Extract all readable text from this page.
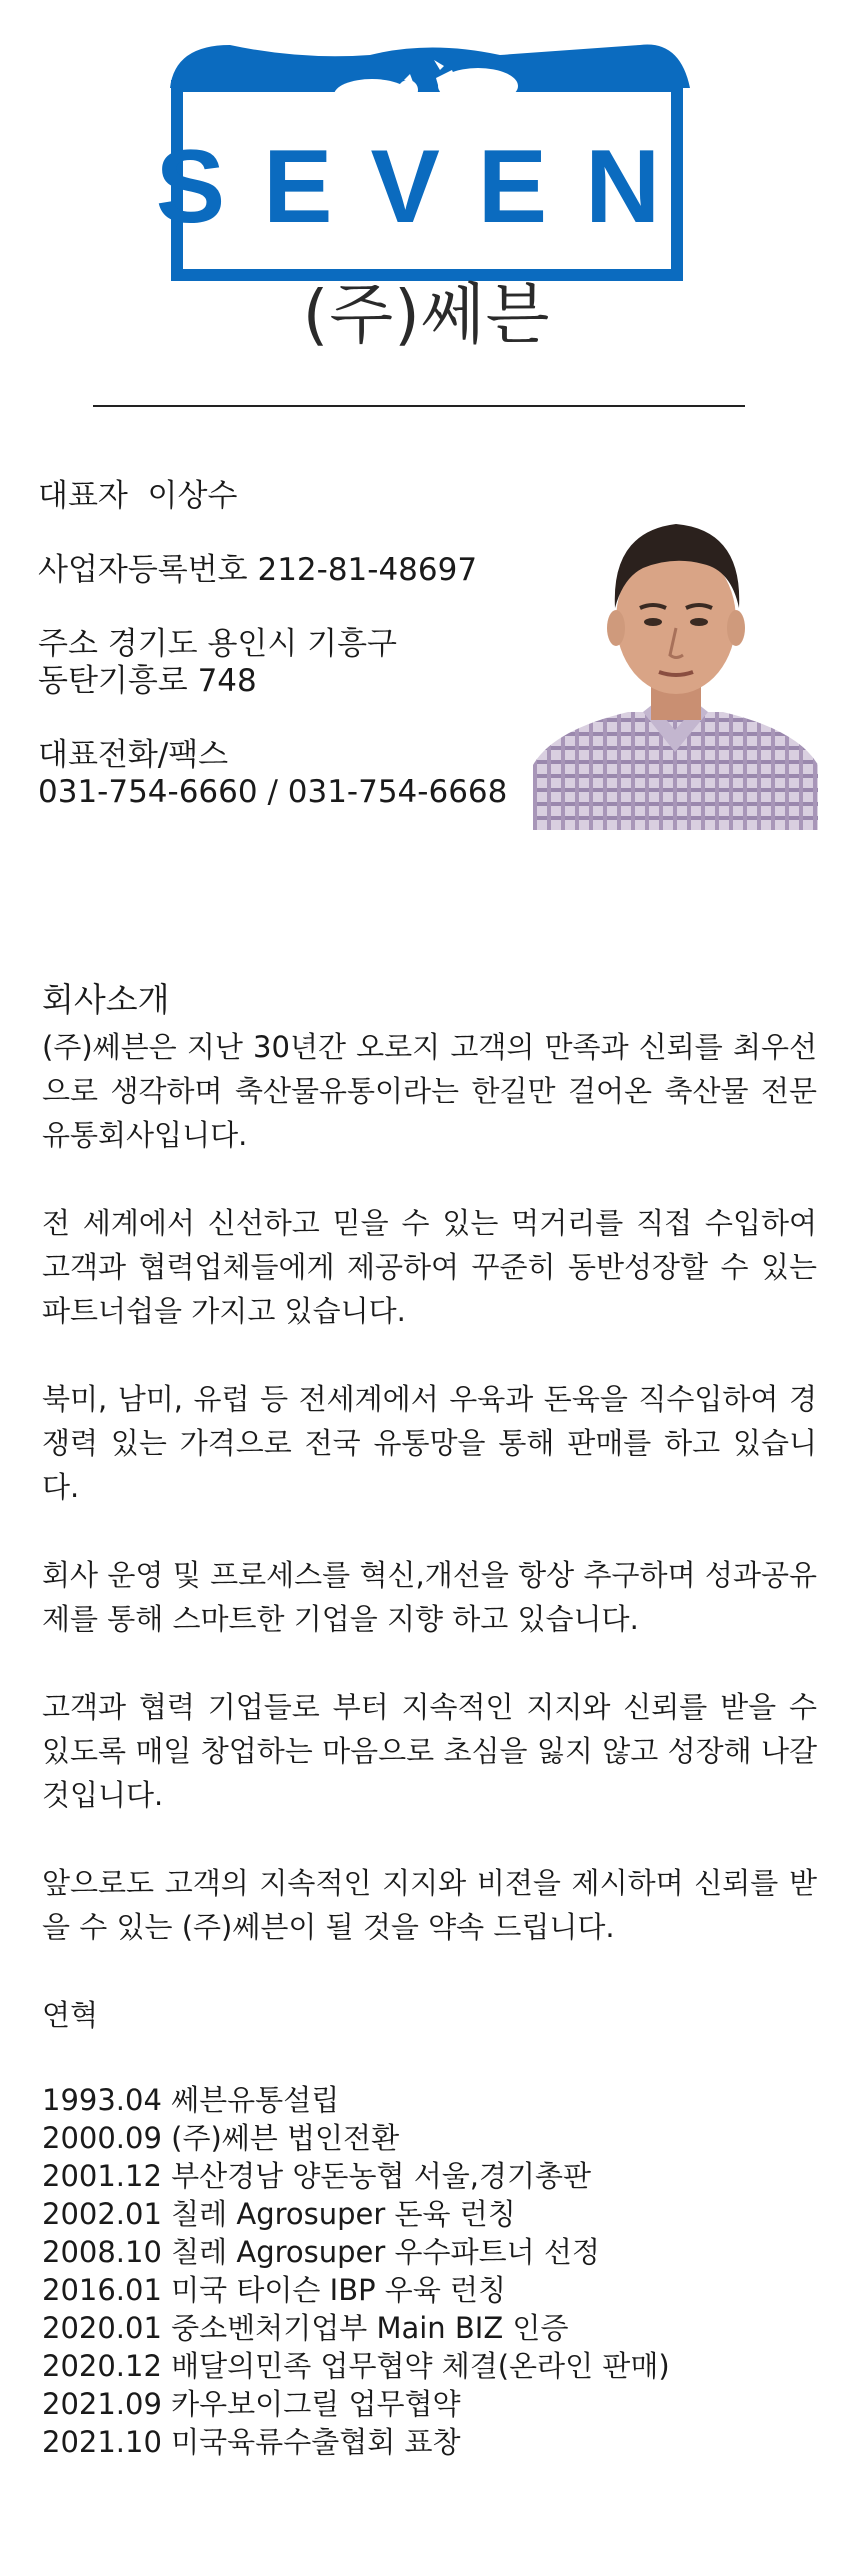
SEVEN
(주)쎄븐

대표자  이상수

사업자등록번호 212-81-48697

주소 경기도 용인시 기흥구

동탄기흥로 748

대표전화/팩스

031-754-6660 / 031-754-6668

회사소개

(주)쎄븐은 지난 30년간 오로지 고객의 만족과 신뢰를 최우선으로 생각하며 축산물유통이라는 한길만 걸어온 축산물 전문 유통회사입니다.

전 세계에서 신선하고 믿을 수 있는 먹거리를 직접 수입하여 고객과 협력업체들에게 제공하여 꾸준히 동반성장할 수 있는 파트너쉽을 가지고 있습니다.

북미, 남미, 유럽 등 전세계에서 우육과 돈육을 직수입하여 경쟁력 있는 가격으로 전국 유통망을 통해 판매를 하고 있습니다.

회사 운영 및 프로세스를 혁신,개선을 항상 추구하며 성과공유제를 통해 스마트한 기업을 지향 하고 있습니다.

고객과 협력 기업들로 부터 지속적인 지지와 신뢰를 받을 수 있도록 매일 창업하는 마음으로 초심을 잃지 않고 성장해 나갈 것입니다.

앞으로도 고객의 지속적인 지지와 비젼을 제시하며 신뢰를 받을 수 있는 (주)쎄븐이 될 것을 약속 드립니다.

연혁
1993.04 쎄븐유통설립
2000.09 (주)쎄븐 법인전환
2001.12 부산경남 양돈농협 서울,경기총판
2002.01 칠레 Agrosuper 돈육 런칭
2008.10 칠레 Agrosuper 우수파트너 선정
2016.01 미국 타이슨 IBP 우육 런칭
2020.01 중소벤처기업부 Main BIZ 인증
2020.12 배달의민족 업무협약 체결(온라인 판매)
2021.09 카우보이그릴 업무협약
2021.10 미국육류수출협회 표창
